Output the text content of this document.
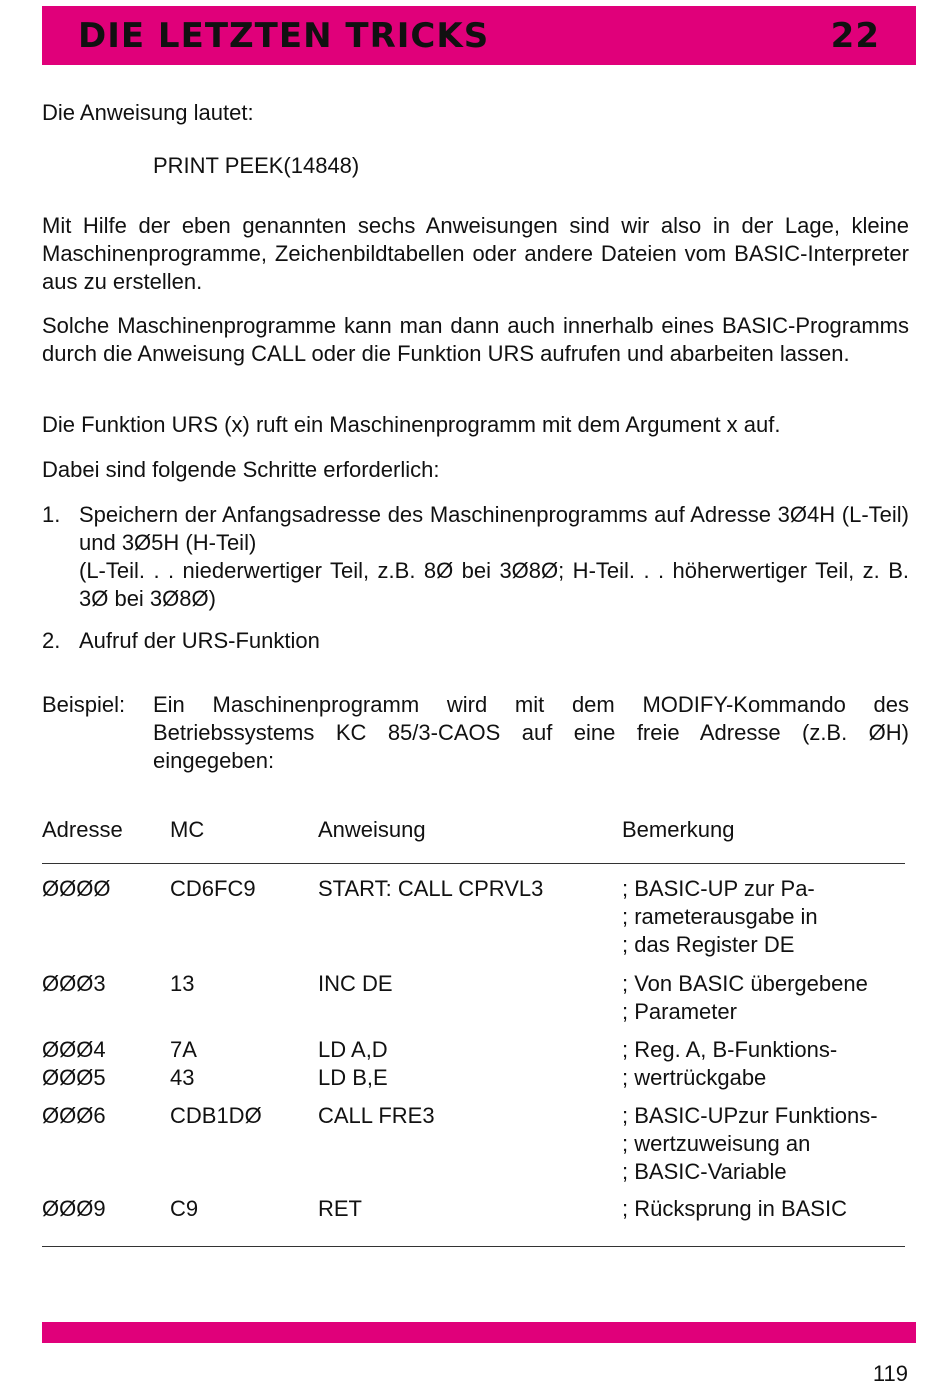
DIE LETZTEN TRICKS	22
Die Anweisung lautet:
PRINT PEEK(14848)

Mit Hilfe der eben genannten sechs Anweisungen sind wir also in der Lage, kleine Maschinenprogramme, Zeichenbildtabellen oder andere Dateien vom BASIC-Interpreter aus zu erstellen.

Solche Maschinenprogramme kann man dann auch innerhalb eines BASIC-Programms durch die Anweisung CALL oder die Funktion URS aufrufen und abarbeiten lassen.

Die Funktion URS (x) ruft ein Maschinenprogramm mit dem Argument x auf.

Dabei sind folgende Schritte erforderlich:

1. Speichern der Anfangsadresse des Maschinenprogramms auf Adresse 3Ø4H (L-Teil) und 3Ø5H (H-Teil)

(L-Teil. . . niederwertiger Teil, z.B. 8Ø bei 3Ø8Ø; H-Teil. . . höherwertiger Teil, z. B. 3Ø bei 3Ø8Ø)

2. Aufruf der URS-Funktion

Beispiel: Ein Maschinenprogramm wird mit dem MODIFY-Kommando des Betriebssystems KC 85/3-CAOS auf eine freie Adresse (z.B. ØH) eingegeben:

Adresse MC	Anweisung	Bemerkung
ØØØØ	CD6FC9	START: CALL CPRVL3	; BASIC-UP zur Pa-
; rameterausgabe in
; das Register DE
ØØØ3	13	INC DE	; Von BASIC übergebene
; Parameter
ØØØ4	7A	LD A,D	; Reg. A, B-Funktions-
ØØØ5	43	LD B,E	; wertrückgabe
ØØØ6	CDB1DØ	CALL FRE3	; BASIC-UPzur Funktions-
; wertzuweisung an
; BASIC-Variable
ØØØ9	C9	RET	; Rücksprung in BASIC
119
